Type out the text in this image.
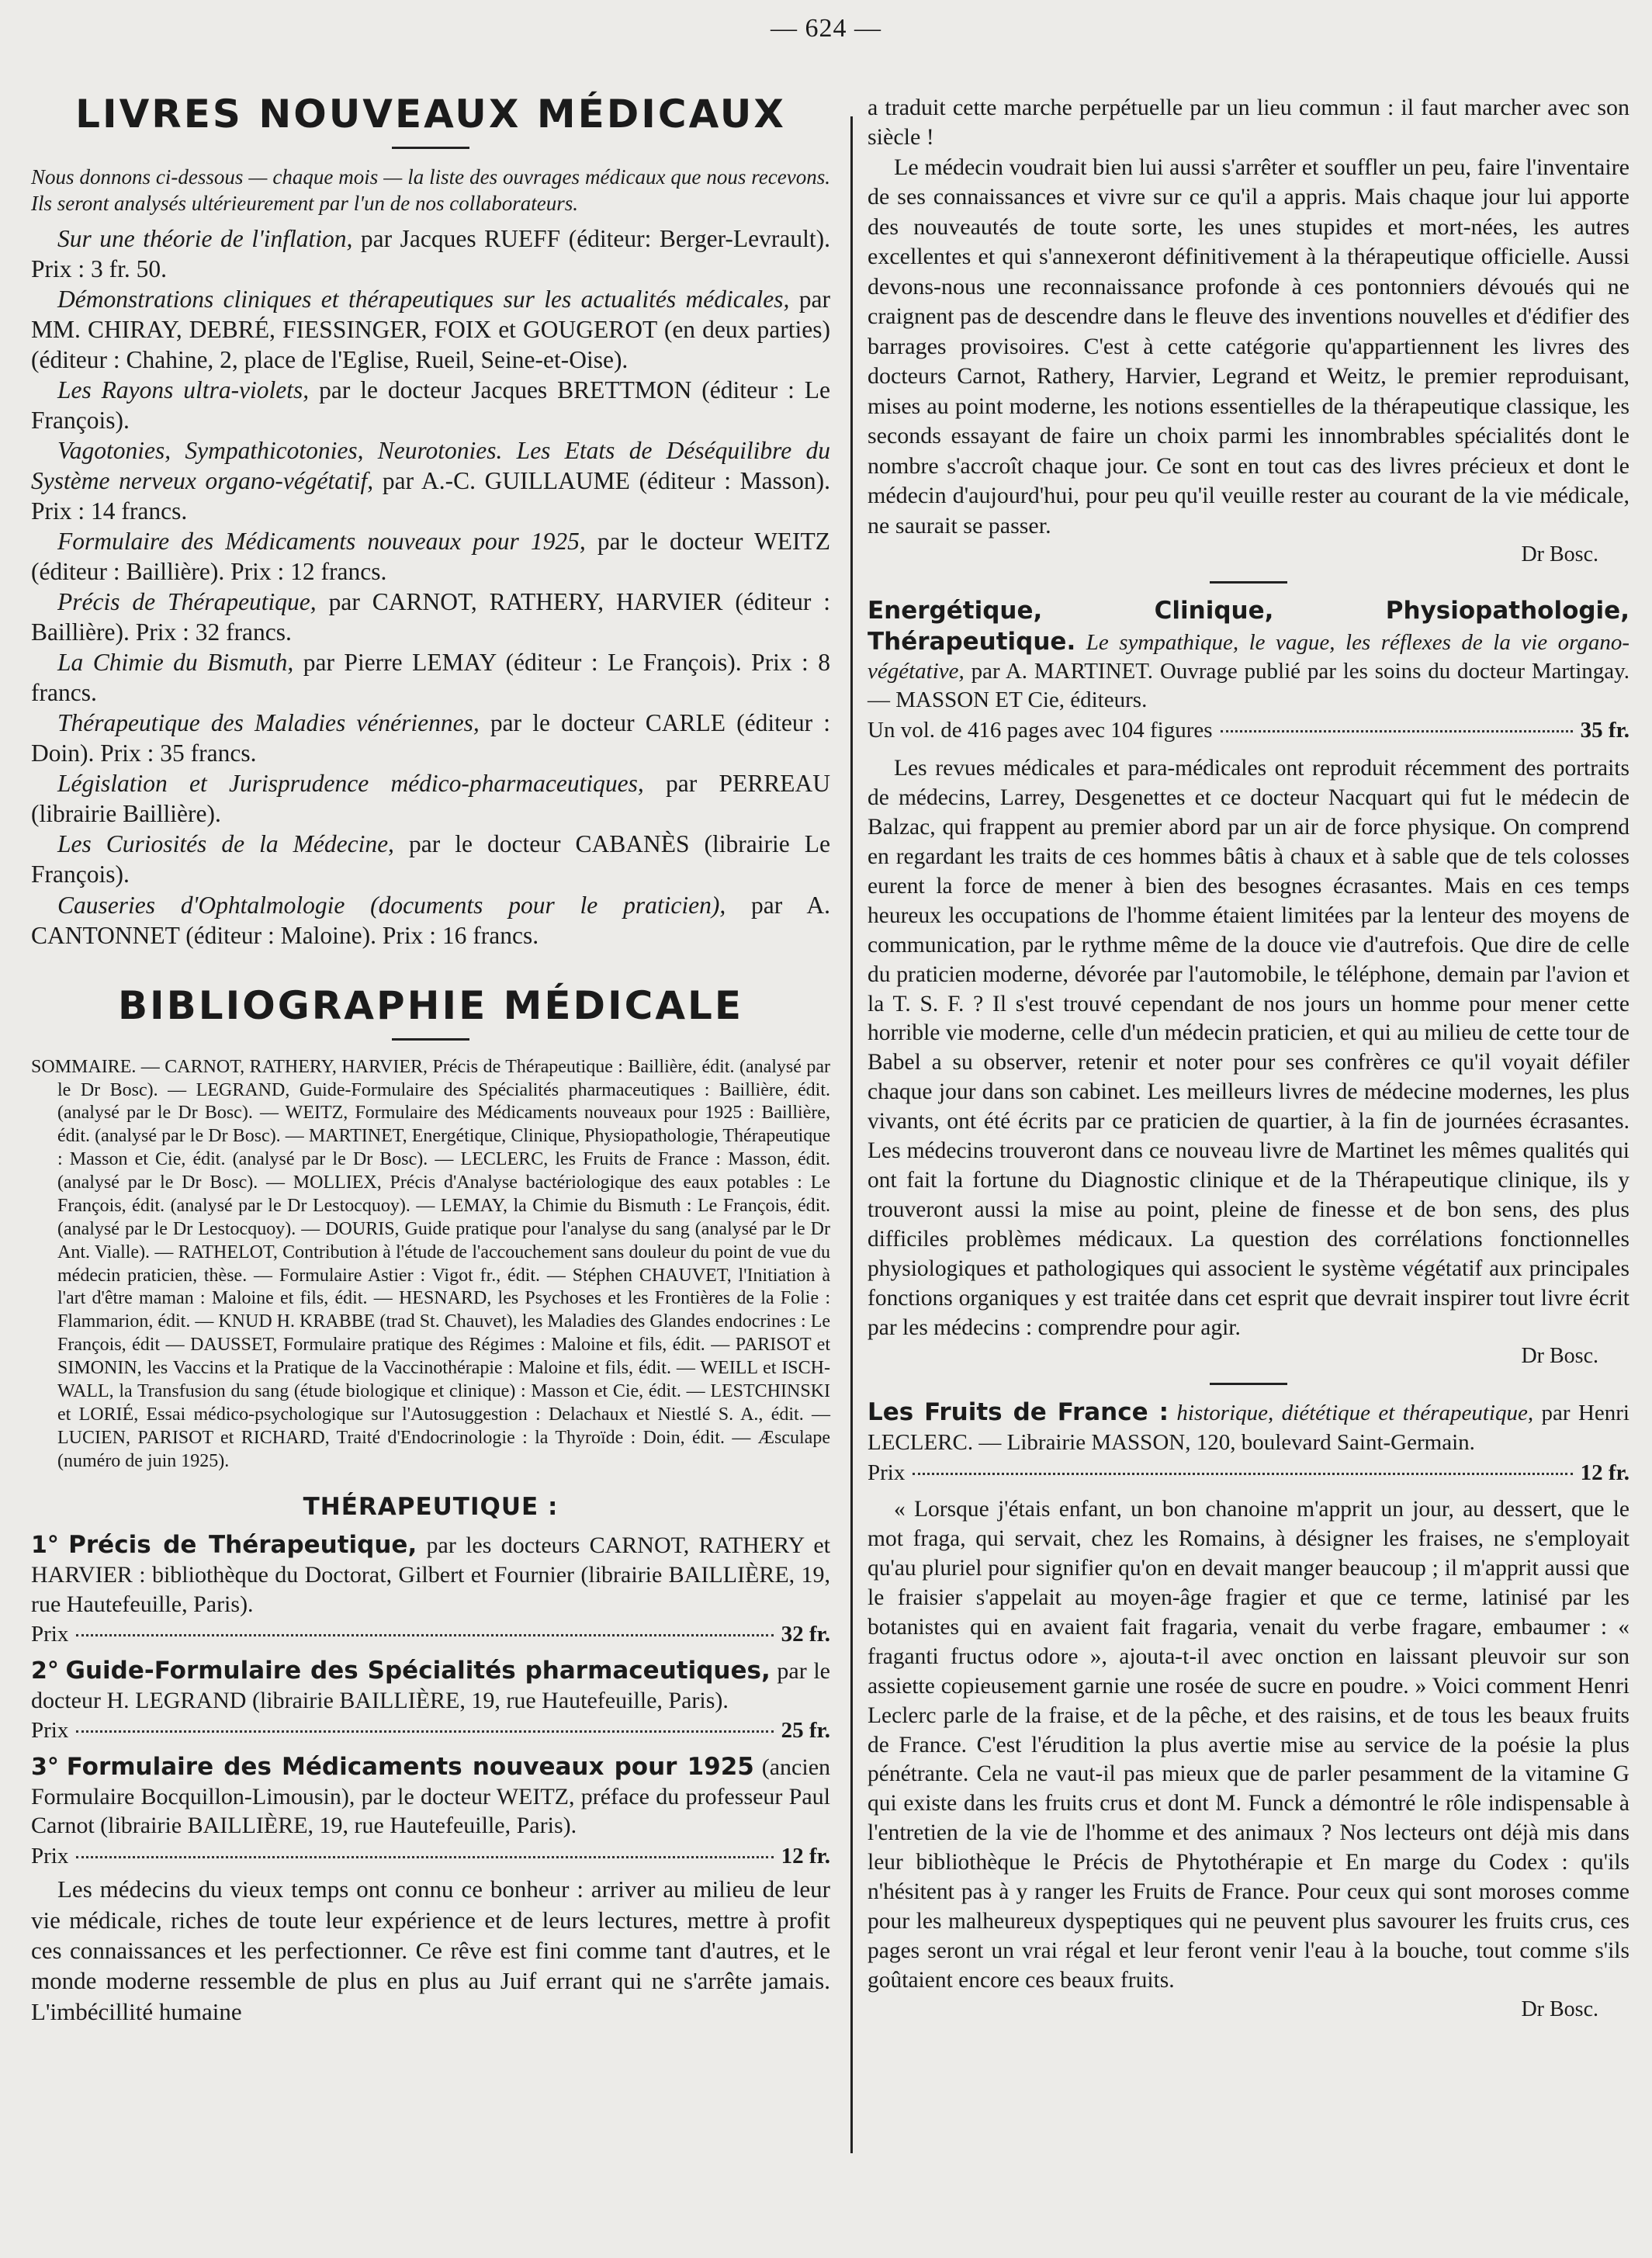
— 624 —
LIVRES NOUVEAUX MÉDICAUX

Nous donnons ci-dessous — chaque mois — la liste des ouvrages médicaux que nous recevons. Ils seront analysés ultérieurement par l'un de nos collaborateurs.

Sur une théorie de l'inflation, par Jacques RUEFF (éditeur: Berger-Levrault). Prix : 3 fr. 50.
Démonstrations cliniques et thérapeutiques sur les actualités médicales, par MM. CHIRAY, DEBRÉ, FIESSINGER, FOIX et GOUGEROT (en deux parties) (éditeur : Chahine, 2, place de l'Eglise, Rueil, Seine-et-Oise).
Les Rayons ultra-violets, par le docteur Jacques BRETTMON (éditeur : Le François).
Vagotonies, Sympathicotonies, Neurotonies. Les Etats de Déséquilibre du Système nerveux organo-végétatif, par A.-C. GUILLAUME (éditeur : Masson). Prix : 14 francs.
Formulaire des Médicaments nouveaux pour 1925, par le docteur WEITZ (éditeur : Baillière). Prix : 12 francs.
Précis de Thérapeutique, par CARNOT, RATHERY, HARVIER (éditeur : Baillière). Prix : 32 francs.
La Chimie du Bismuth, par Pierre LEMAY (éditeur : Le François). Prix : 8 francs.
Thérapeutique des Maladies vénériennes, par le docteur CARLE (éditeur : Doin). Prix : 35 francs.
Législation et Jurisprudence médico-pharmaceutiques, par PERREAU (librairie Baillière).
Les Curiosités de la Médecine, par le docteur CABANÈS (librairie Le François).
Causeries d'Ophtalmologie (documents pour le praticien), par A. CANTONNET (éditeur : Maloine). Prix : 16 francs.
BIBLIOGRAPHIE MÉDICALE

SOMMAIRE. — CARNOT, RATHERY, HARVIER, Précis de Thérapeutique : Baillière, édit. (analysé par le Dr Bosc). — LEGRAND, Guide-Formulaire des Spécialités pharmaceutiques : Baillière, édit. (analysé par le Dr Bosc). — WEITZ, Formulaire des Médicaments nouveaux pour 1925 : Baillière, édit. (analysé par le Dr Bosc). — MARTINET, Energétique, Clinique, Physiopathologie, Thérapeutique : Masson et Cie, édit. (analysé par le Dr Bosc). — LECLERC, les Fruits de France : Masson, édit. (analysé par le Dr Bosc). — MOLLIEX, Précis d'Analyse bactériologique des eaux potables : Le François, édit. (analysé par le Dr Lestocquoy). — LEMAY, la Chimie du Bismuth : Le François, édit. (analysé par le Dr Lestocquoy). — DOURIS, Guide pratique pour l'analyse du sang (analysé par le Dr Ant. Vialle). — RATHELOT, Contribution à l'étude de l'accouchement sans douleur du point de vue du médecin praticien, thèse. — Formulaire Astier : Vigot fr., édit. — Stéphen CHAUVET, l'Initiation à l'art d'être maman : Maloine et fils, édit. — HESNARD, les Psychoses et les Frontières de la Folie : Flammarion, édit. — KNUD H. KRABBE (trad St. Chauvet), les Maladies des Glandes endocrines : Le François, édit — DAUSSET, Formulaire pratique des Régimes : Maloine et fils, édit. — PARISOT et SIMONIN, les Vaccins et la Pratique de la Vaccinothérapie : Maloine et fils, édit. — WEILL et ISCH-WALL, la Transfusion du sang (étude biologique et clinique) : Masson et Cie, édit. — LESTCHINSKI et LORIÉ, Essai médico-psychologique sur l'Autosuggestion : Delachaux et Niestlé S. A., édit. — LUCIEN, PARISOT et RICHARD, Traité d'Endocrinologie : la Thyroïde : Doin, édit. — Æsculape (numéro de juin 1925).

THÉRAPEUTIQUE :

1° Précis de Thérapeutique, par les docteurs CARNOT, RATHERY et HARVIER : bibliothèque du Doctorat, Gilbert et Fournier (librairie BAILLIÈRE, 19, rue Hautefeuille, Paris).

Prix	32 fr.

2° Guide-Formulaire des Spécialités pharmaceutiques, par le docteur H. LEGRAND (librairie BAILLIÈRE, 19, rue Hautefeuille, Paris).

Prix	25 fr.

3° Formulaire des Médicaments nouveaux pour 1925 (ancien Formulaire Bocquillon-Limousin), par le docteur WEITZ, préface du professeur Paul Carnot (librairie BAILLIÈRE, 19, rue Hautefeuille, Paris).

Prix	12 fr.

Les médecins du vieux temps ont connu ce bonheur : arriver au milieu de leur vie médicale, riches de toute leur expérience et de leurs lectures, mettre à profit ces connaissances et les perfectionner. Ce rêve est fini comme tant d'autres, et le monde moderne ressemble de plus en plus au Juif errant qui ne s'arrête jamais. L'imbécillité humaine

a traduit cette marche perpétuelle par un lieu commun : il faut marcher avec son siècle !

Le médecin voudrait bien lui aussi s'arrêter et souffler un peu, faire l'inventaire de ses connaissances et vivre sur ce qu'il a appris. Mais chaque jour lui apporte des nouveautés de toute sorte, les unes stupides et mort-nées, les autres excellentes et qui s'annexeront définitivement à la thérapeutique officielle. Aussi devons-nous une reconnaissance profonde à ces pontonniers dévoués qui ne craignent pas de descendre dans le fleuve des inventions nouvelles et d'édifier des barrages provisoires. C'est à cette catégorie qu'appartiennent les livres des docteurs Carnot, Rathery, Harvier, Legrand et Weitz, le premier reproduisant, mises au point moderne, les notions essentielles de la thérapeutique classique, les seconds essayant de faire un choix parmi les innombrables spécialités dont le nombre s'accroît chaque jour. Ce sont en tout cas des livres précieux et dont le médecin d'aujourd'hui, pour peu qu'il veuille rester au courant de la vie médicale, ne saurait se passer.

Dr Bosc.

Energétique, Clinique, Physiopathologie, Thérapeutique. Le sympathique, le vague, les réflexes de la vie organo-végétative, par A. MARTINET. Ouvrage publié par les soins du docteur Martingay. — MASSON ET Cie, éditeurs.

Un vol. de 416 pages avec 104 figures	35 fr.

Les revues médicales et para-médicales ont reproduit récemment des portraits de médecins, Larrey, Desgenettes et ce docteur Nacquart qui fut le médecin de Balzac, qui frappent au premier abord par un air de force physique. On comprend en regardant les traits de ces hommes bâtis à chaux et à sable que de tels colosses eurent la force de mener à bien des besognes écrasantes. Mais en ces temps heureux les occupations de l'homme étaient limitées par la lenteur des moyens de communication, par le rythme même de la douce vie d'autrefois. Que dire de celle du praticien moderne, dévorée par l'automobile, le téléphone, demain par l'avion et la T. S. F. ? Il s'est trouvé cependant de nos jours un homme pour mener cette horrible vie moderne, celle d'un médecin praticien, et qui au milieu de cette tour de Babel a su observer, retenir et noter pour ses confrères ce qu'il voyait défiler chaque jour dans son cabinet. Les meilleurs livres de médecine modernes, les plus vivants, ont été écrits par ce praticien de quartier, à la fin de journées écrasantes. Les médecins trouveront dans ce nouveau livre de Martinet les mêmes qualités qui ont fait la fortune du Diagnostic clinique et de la Thérapeutique clinique, ils y trouveront aussi la mise au point, pleine de finesse et de bon sens, des plus difficiles problèmes médicaux. La question des corrélations fonctionnelles physiologiques et pathologiques qui associent le système végétatif aux principales fonctions organiques y est traitée dans cet esprit que devrait inspirer tout livre écrit par les médecins : comprendre pour agir.

Dr Bosc.

Les Fruits de France : historique, diététique et thérapeutique, par Henri LECLERC. — Librairie MASSON, 120, boulevard Saint-Germain.

Prix	12 fr.

« Lorsque j'étais enfant, un bon chanoine m'apprit un jour, au dessert, que le mot fraga, qui servait, chez les Romains, à désigner les fraises, ne s'employait qu'au pluriel pour signifier qu'on en devait manger beaucoup ; il m'apprit aussi que le fraisier s'appelait au moyen-âge fragier et que ce terme, latinisé par les botanistes qui en avaient fait fragaria, venait du verbe fragare, embaumer : « fraganti fructus odore », ajouta-t-il avec onction en laissant pleuvoir sur son assiette copieusement garnie une rosée de sucre en poudre. » Voici comment Henri Leclerc parle de la fraise, et de la pêche, et des raisins, et de tous les beaux fruits de France. C'est l'érudition la plus avertie mise au service de la poésie la plus pénétrante. Cela ne vaut-il pas mieux que de parler pesamment de la vitamine G qui existe dans les fruits crus et dont M. Funck a démontré le rôle indispensable à l'entretien de la vie de l'homme et des animaux ? Nos lecteurs ont déjà mis dans leur bibliothèque le Précis de Phytothérapie et En marge du Codex : qu'ils n'hésitent pas à y ranger les Fruits de France. Pour ceux qui sont moroses comme pour les malheureux dyspeptiques qui ne peuvent plus savourer les fruits crus, ces pages seront un vrai régal et leur feront venir l'eau à la bouche, tout comme s'ils goûtaient encore ces beaux fruits.

Dr Bosc.
